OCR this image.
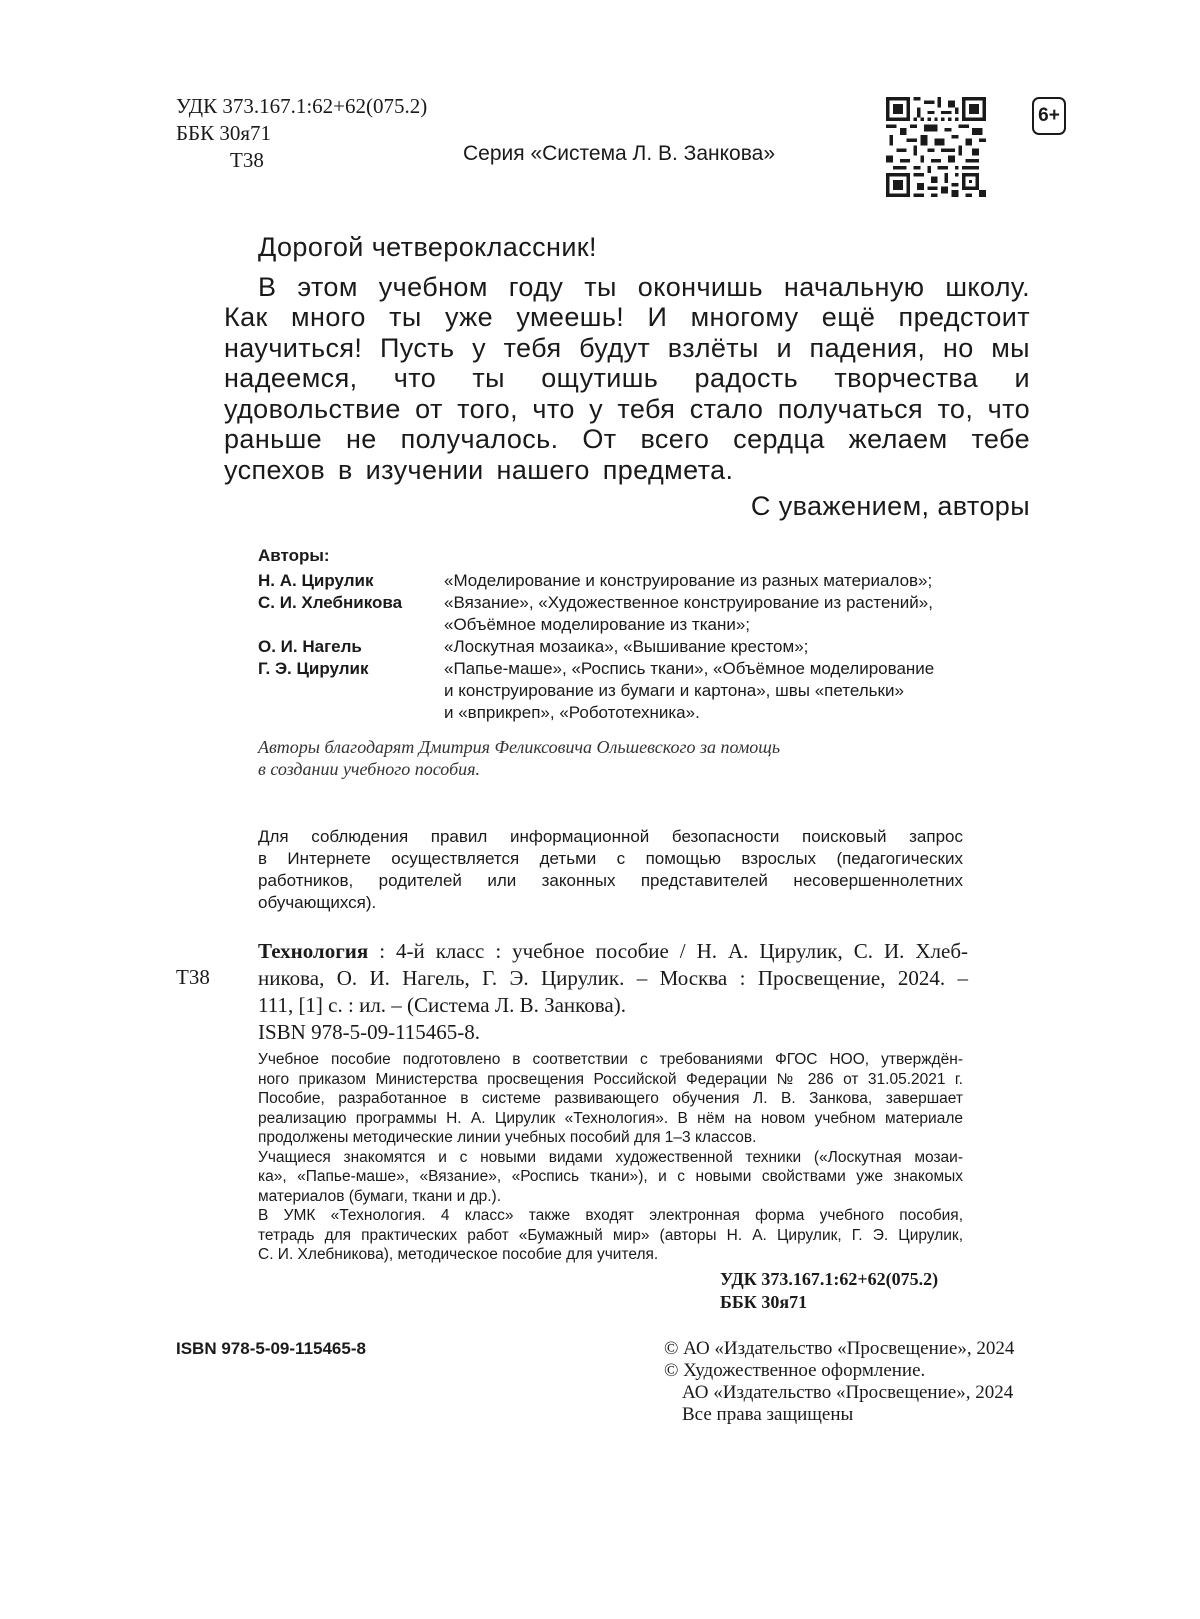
УДК 373.167.1:62+62(075.2)
ББК 30я71
Т38	Серия «Система Л. В. Занкова»
6+

Дорогой четвероклассник!

В этом учебном году ты окончишь начальную школу. Как много ты уже умеешь! И многому ещё предстоит научиться! Пусть у тебя будут взлёты и падения, но мы надеемся, что ты ощутишь радость творчества и удовольствие от того, что у тебя стало получаться то, что раньше не получалось. От всего сердца желаем тебе успехов в изучении нашего предмета.

С уважением, авторы

Авторы:
Н. А. Цирулик	«Моделирование и конструирование из разных материалов»;
С. И. Хлебникова	«Вязание», «Художественное конструирование из растений»,
«Объёмное моделирование из ткани»;
О. И. Нагель	«Лоскутная мозаика», «Вышивание крестом»;
Г. Э. Цирулик	«Папье-маше», «Роспись ткани», «Объёмное моделирование
и конструирование из бумаги и картона», швы «петельки»
и «вприкреп», «Робототехника».
Авторы благодарят Дмитрия Феликсовича Ольшевского за помощь
в создании учебного пособия.
Для соблюдения правил информационной безопасности поисковый запрос
в Интернете осуществляется детьми с помощью взрослых (педагогических
работников, родителей или законных представителей несовершеннолетних
обучающихся).
Т38
Технология : 4-й класс : учебное пособие / Н. А. Цирулик, С. И. Хлеб-
никова, О. И. Нагель, Г. Э. Цирулик. – Москва : Просвещение, 2024. –
111, [1] с. : ил. – (Система Л. В. Занкова).
ISBN 978-5-09-115465-8.
Учебное пособие подготовлено в соответствии с требованиями ФГОС НОО, утверждён-
ного приказом Министерства просвещения Российской Федерации № 286 от 31.05.2021 г.
Пособие, разработанное в системе развивающего обучения Л. В. Занкова, завершает
реализацию программы Н. А. Цирулик «Технология». В нём на новом учебном материале
продолжены методические линии учебных пособий для 1–3 классов.
Учащиеся знакомятся и с новыми видами художественной техники («Лоскутная мозаи-
ка», «Папье-маше», «Вязание», «Роспись ткани»), и с новыми свойствами уже знакомых
материалов (бумаги, ткани и др.).
В УМК «Технология. 4 класс» также входят электронная форма учебного пособия,
тетрадь для практических работ «Бумажный мир» (авторы Н. А. Цирулик, Г. Э. Цирулик,
С. И. Хлебникова), методическое пособие для учителя.
УДК 373.167.1:62+62(075.2)
ББК 30я71
ISBN 978-5-09-115465-8	© АО «Издательство «Просвещение», 2024
© Художественное оформление.
АО «Издательство «Просвещение», 2024
Все права защищены
